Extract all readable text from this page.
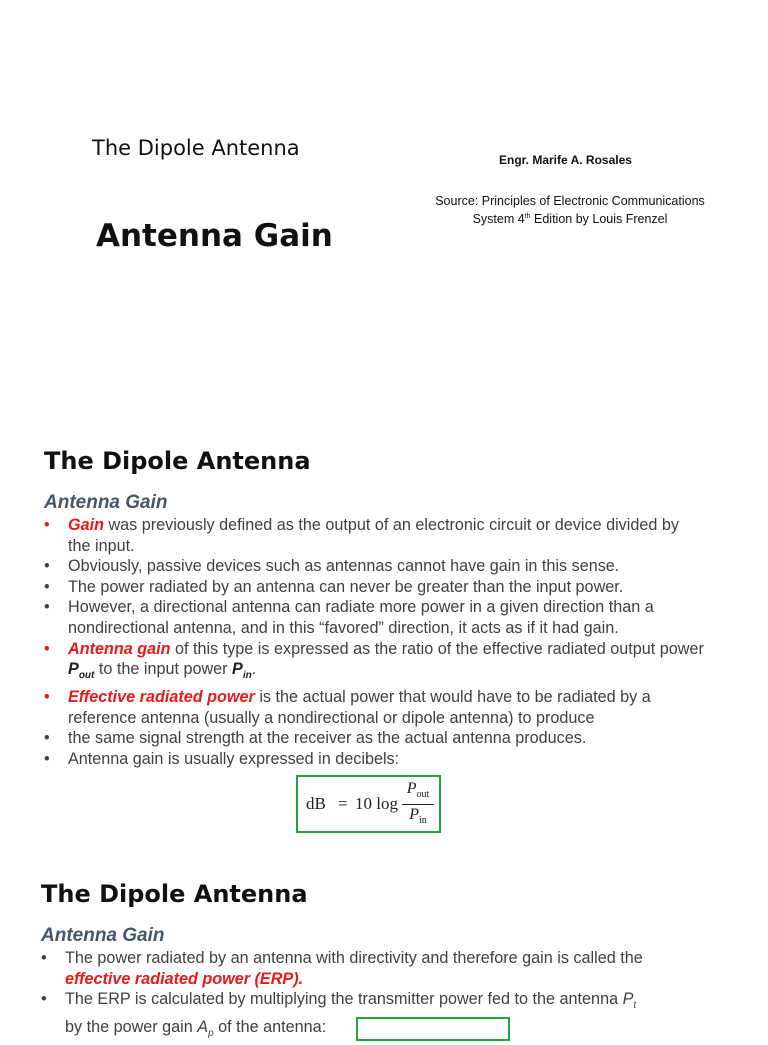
The Dipole Antenna
Antenna Gain
Engr. Marife A. Rosales
Source: Principles of Electronic Communications
System 4th Edition by Louis Frenzel
The Dipole Antenna
Antenna Gain
• Gain was previously defined as the output of an electronic circuit or device divided by the input.
• Obviously, passive devices such as antennas cannot have gain in this sense.
• The power radiated by an antenna can never be greater than the input power.
• However, a directional antenna can radiate more power in a given direction than a nondirectional antenna, and in this “favored” direction, it acts as if it had gain.
• Antenna gain of this type is expressed as the ratio of the effective radiated output power $P_{out}$ to the input power $P_{in}$.
• Effective radiated power is the actual power that would have to be radiated by a reference antenna (usually a nondirectional or dipole antenna) to produce
• the same signal strength at the receiver as the actual antenna produces.
• Antenna gain is usually expressed in decibels:
dB = 10 log
$P_{out}$
$P_{in}$
The Dipole Antenna
Antenna Gain
• The power radiated by an antenna with directivity and therefore gain is called the
effective radiated power (ERP).
• The ERP is calculated by multiplying the transmitter power fed to the antenna $P_t$
by the power gain $A_p$ of the antenna:
